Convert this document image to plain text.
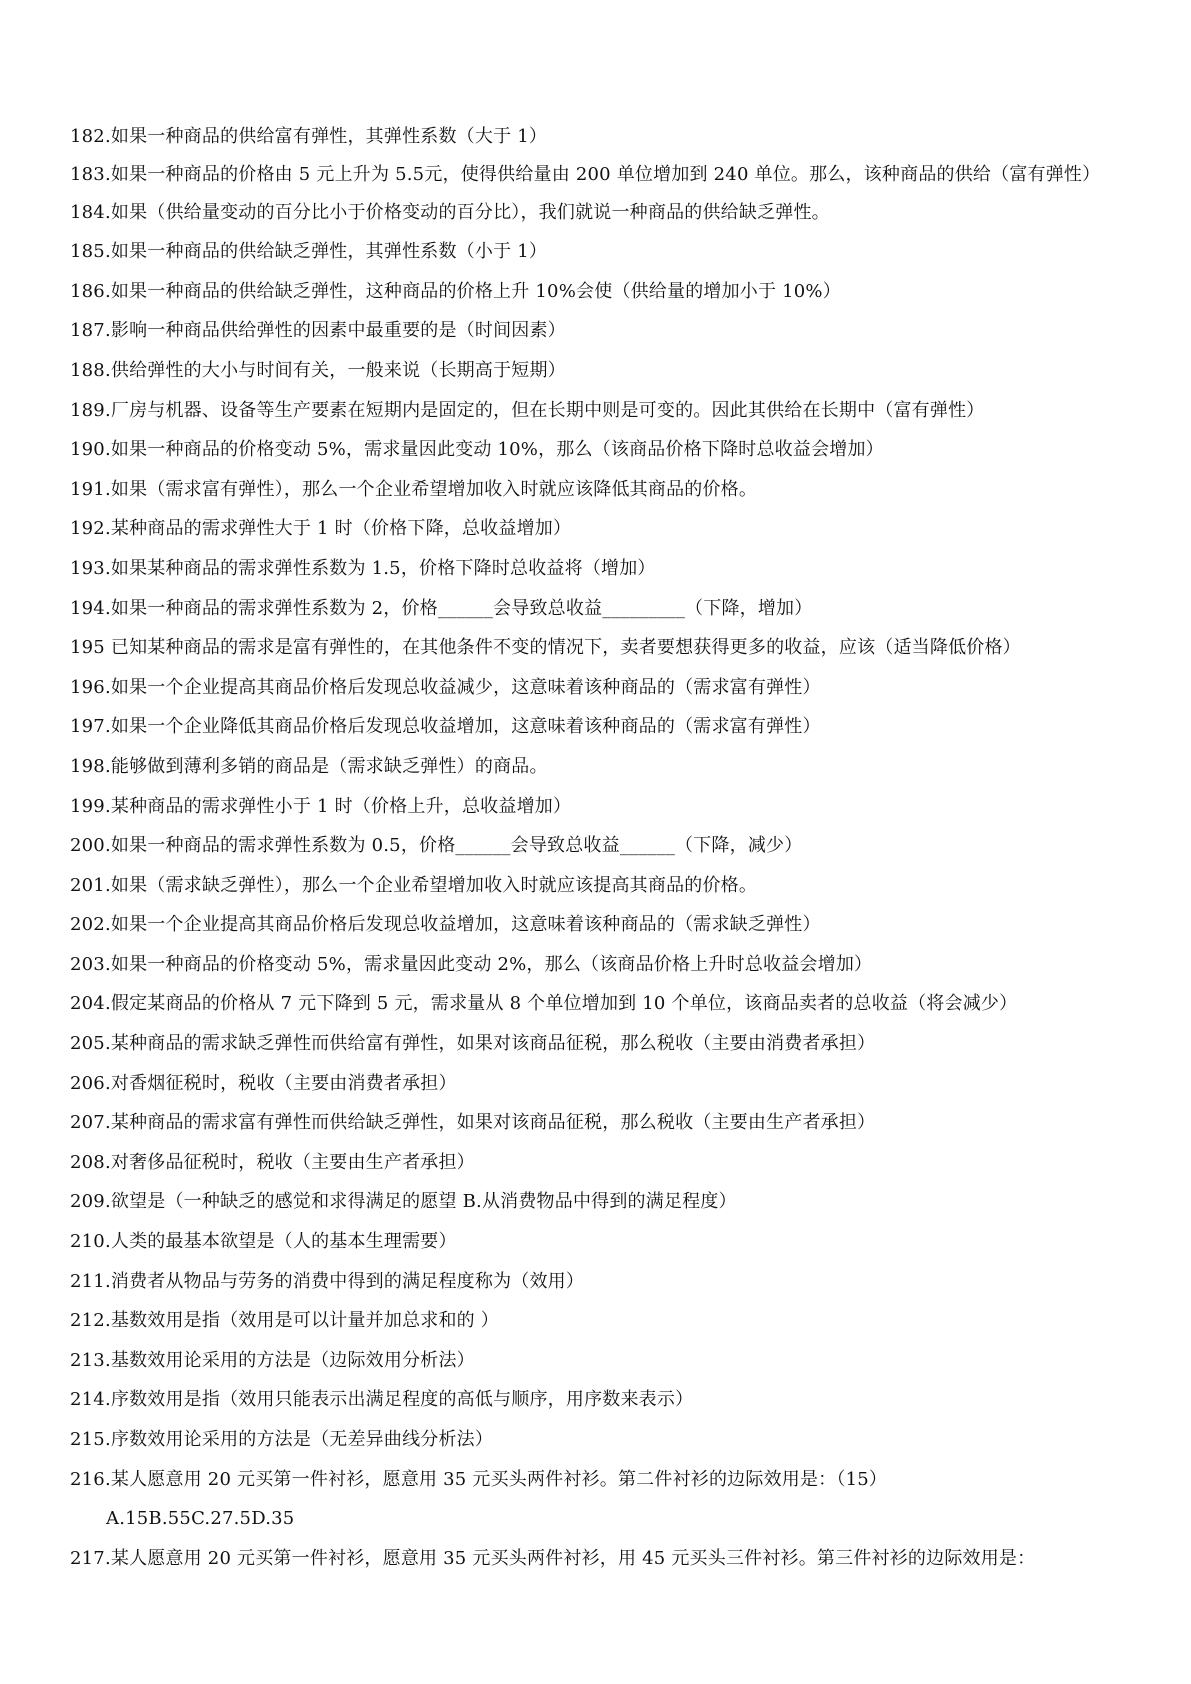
182.如果一种商品的供给富有弹性，其弹性系数（大于 1）
183.如果一种商品的价格由 5 元上升为 5.5元，使得供给量由 200 单位增加到 240 单位。那么，该种商品的供给（富有弹性）
184.如果（供给量变动的百分比小于价格变动的百分比），我们就说一种商品的供给缺乏弹性。
185.如果一种商品的供给缺乏弹性，其弹性系数（小于 1）
186.如果一种商品的供给缺乏弹性，这种商品的价格上升 10%会使（供给量的增加小于 10%）
187.影响一种商品供给弹性的因素中最重要的是（时间因素）
188.供给弹性的大小与时间有关，一般来说（长期高于短期）
189.厂房与机器、设备等生产要素在短期内是固定的，但在长期中则是可变的。因此其供给在长期中（富有弹性）
190.如果一种商品的价格变动 5%，需求量因此变动 10%，那么（该商品价格下降时总收益会增加）
191.如果（需求富有弹性），那么一个企业希望增加收入时就应该降低其商品的价格。
192.某种商品的需求弹性大于 1 时（价格下降，总收益增加）
193.如果某种商品的需求弹性系数为 1.5，价格下降时总收益将（增加）
194.如果一种商品的需求弹性系数为 2，价格______会导致总收益_________（下降，增加）
195 已知某种商品的需求是富有弹性的，在其他条件不变的情况下，卖者要想获得更多的收益，应该（适当降低价格）
196.如果一个企业提高其商品价格后发现总收益减少，这意味着该种商品的（需求富有弹性）
197.如果一个企业降低其商品价格后发现总收益增加，这意味着该种商品的（需求富有弹性）
198.能够做到薄利多销的商品是（需求缺乏弹性）的商品。
199.某种商品的需求弹性小于 1 时（价格上升，总收益增加）
200.如果一种商品的需求弹性系数为 0.5，价格______会导致总收益______（下降，减少）
201.如果（需求缺乏弹性），那么一个企业希望增加收入时就应该提高其商品的价格。
202.如果一个企业提高其商品价格后发现总收益增加，这意味着该种商品的（需求缺乏弹性）
203.如果一种商品的价格变动 5%，需求量因此变动 2%，那么（该商品价格上升时总收益会增加）
204.假定某商品的价格从 7 元下降到 5 元，需求量从 8 个单位增加到 10 个单位，该商品卖者的总收益（将会减少）
205.某种商品的需求缺乏弹性而供给富有弹性，如果对该商品征税，那么税收（主要由消费者承担）
206.对香烟征税时，税收（主要由消费者承担）
207.某种商品的需求富有弹性而供给缺乏弹性，如果对该商品征税，那么税收（主要由生产者承担）
208.对奢侈品征税时，税收（主要由生产者承担）
209.欲望是（一种缺乏的感觉和求得满足的愿望 B.从消费物品中得到的满足程度）
210.人类的最基本欲望是（人的基本生理需要）
211.消费者从物品与劳务的消费中得到的满足程度称为（效用）
212.基数效用是指（效用是可以计量并加总求和的 ）
213.基数效用论采用的方法是（边际效用分析法）
214.序数效用是指（效用只能表示出满足程度的高低与顺序，用序数来表示）
215.序数效用论采用的方法是（无差异曲线分析法）
216.某人愿意用 20 元买第一件衬衫，愿意用 35 元买头两件衬衫。第二件衬衫的边际效用是：（15）
A.15B.55C.27.5D.35
217.某人愿意用 20 元买第一件衬衫，愿意用 35 元买头两件衬衫，用 45 元买头三件衬衫。第三件衬衫的边际效用是：
